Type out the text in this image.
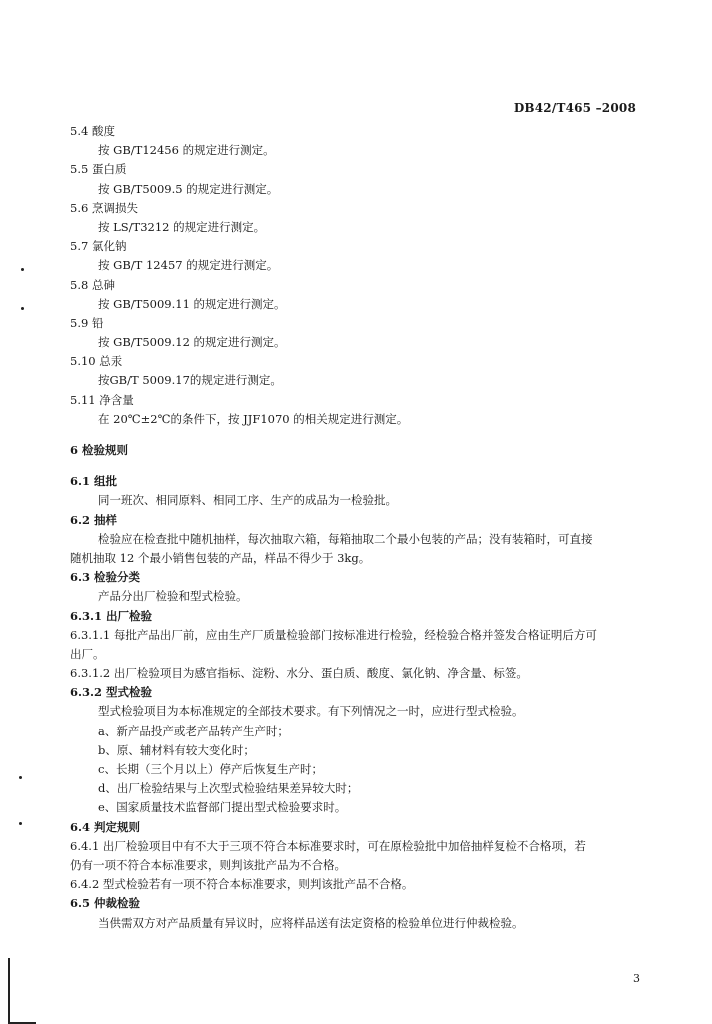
DB42/T465 –2008
5.4 酸度
按 GB/T12456 的规定进行测定。
5.5 蛋白质
按 GB/T5009.5 的规定进行测定。
5.6 烹调损失
按 LS/T3212 的规定进行测定。
5.7 氯化钠
按 GB/T 12457 的规定进行测定。
5.8 总砷
按 GB/T5009.11 的规定进行测定。
5.9 铅
按 GB/T5009.12 的规定进行测定。
5.10 总汞
按GB/T 5009.17的规定进行测定。
5.11 净含量
在 20℃±2℃的条件下，按 JJF1070 的相关规定进行测定。
6 检验规则
6.1 组批
同一班次、相同原料、相同工序、生产的成品为一检验批。
6.2 抽样
检验应在检查批中随机抽样，每次抽取六箱，每箱抽取二个最小包装的产品；没有装箱时，可直接
随机抽取 12 个最小销售包装的产品，样品不得少于 3kg。
6.3 检验分类
产品分出厂检验和型式检验。
6.3.1 出厂检验
6.3.1.1 每批产品出厂前，应由生产厂质量检验部门按标准进行检验，经检验合格并签发合格证明后方可
出厂。
6.3.1.2 出厂检验项目为感官指标、淀粉、水分、蛋白质、酸度、氯化钠、净含量、标签。
6.3.2 型式检验
型式检验项目为本标准规定的全部技术要求。有下列情况之一时，应进行型式检验。
a、新产品投产或老产品转产生产时；
b、原、辅材料有较大变化时；
c、长期（三个月以上）停产后恢复生产时；
d、出厂检验结果与上次型式检验结果差异较大时；
e、国家质量技术监督部门提出型式检验要求时。
6.4 判定规则
6.4.1 出厂检验项目中有不大于三项不符合本标准要求时，可在原检验批中加倍抽样复检不合格项，若
仍有一项不符合本标准要求，则判该批产品为不合格。
6.4.2 型式检验若有一项不符合本标准要求，则判该批产品不合格。
6.5 仲裁检验
当供需双方对产品质量有异议时，应将样品送有法定资格的检验单位进行仲裁检验。
3
